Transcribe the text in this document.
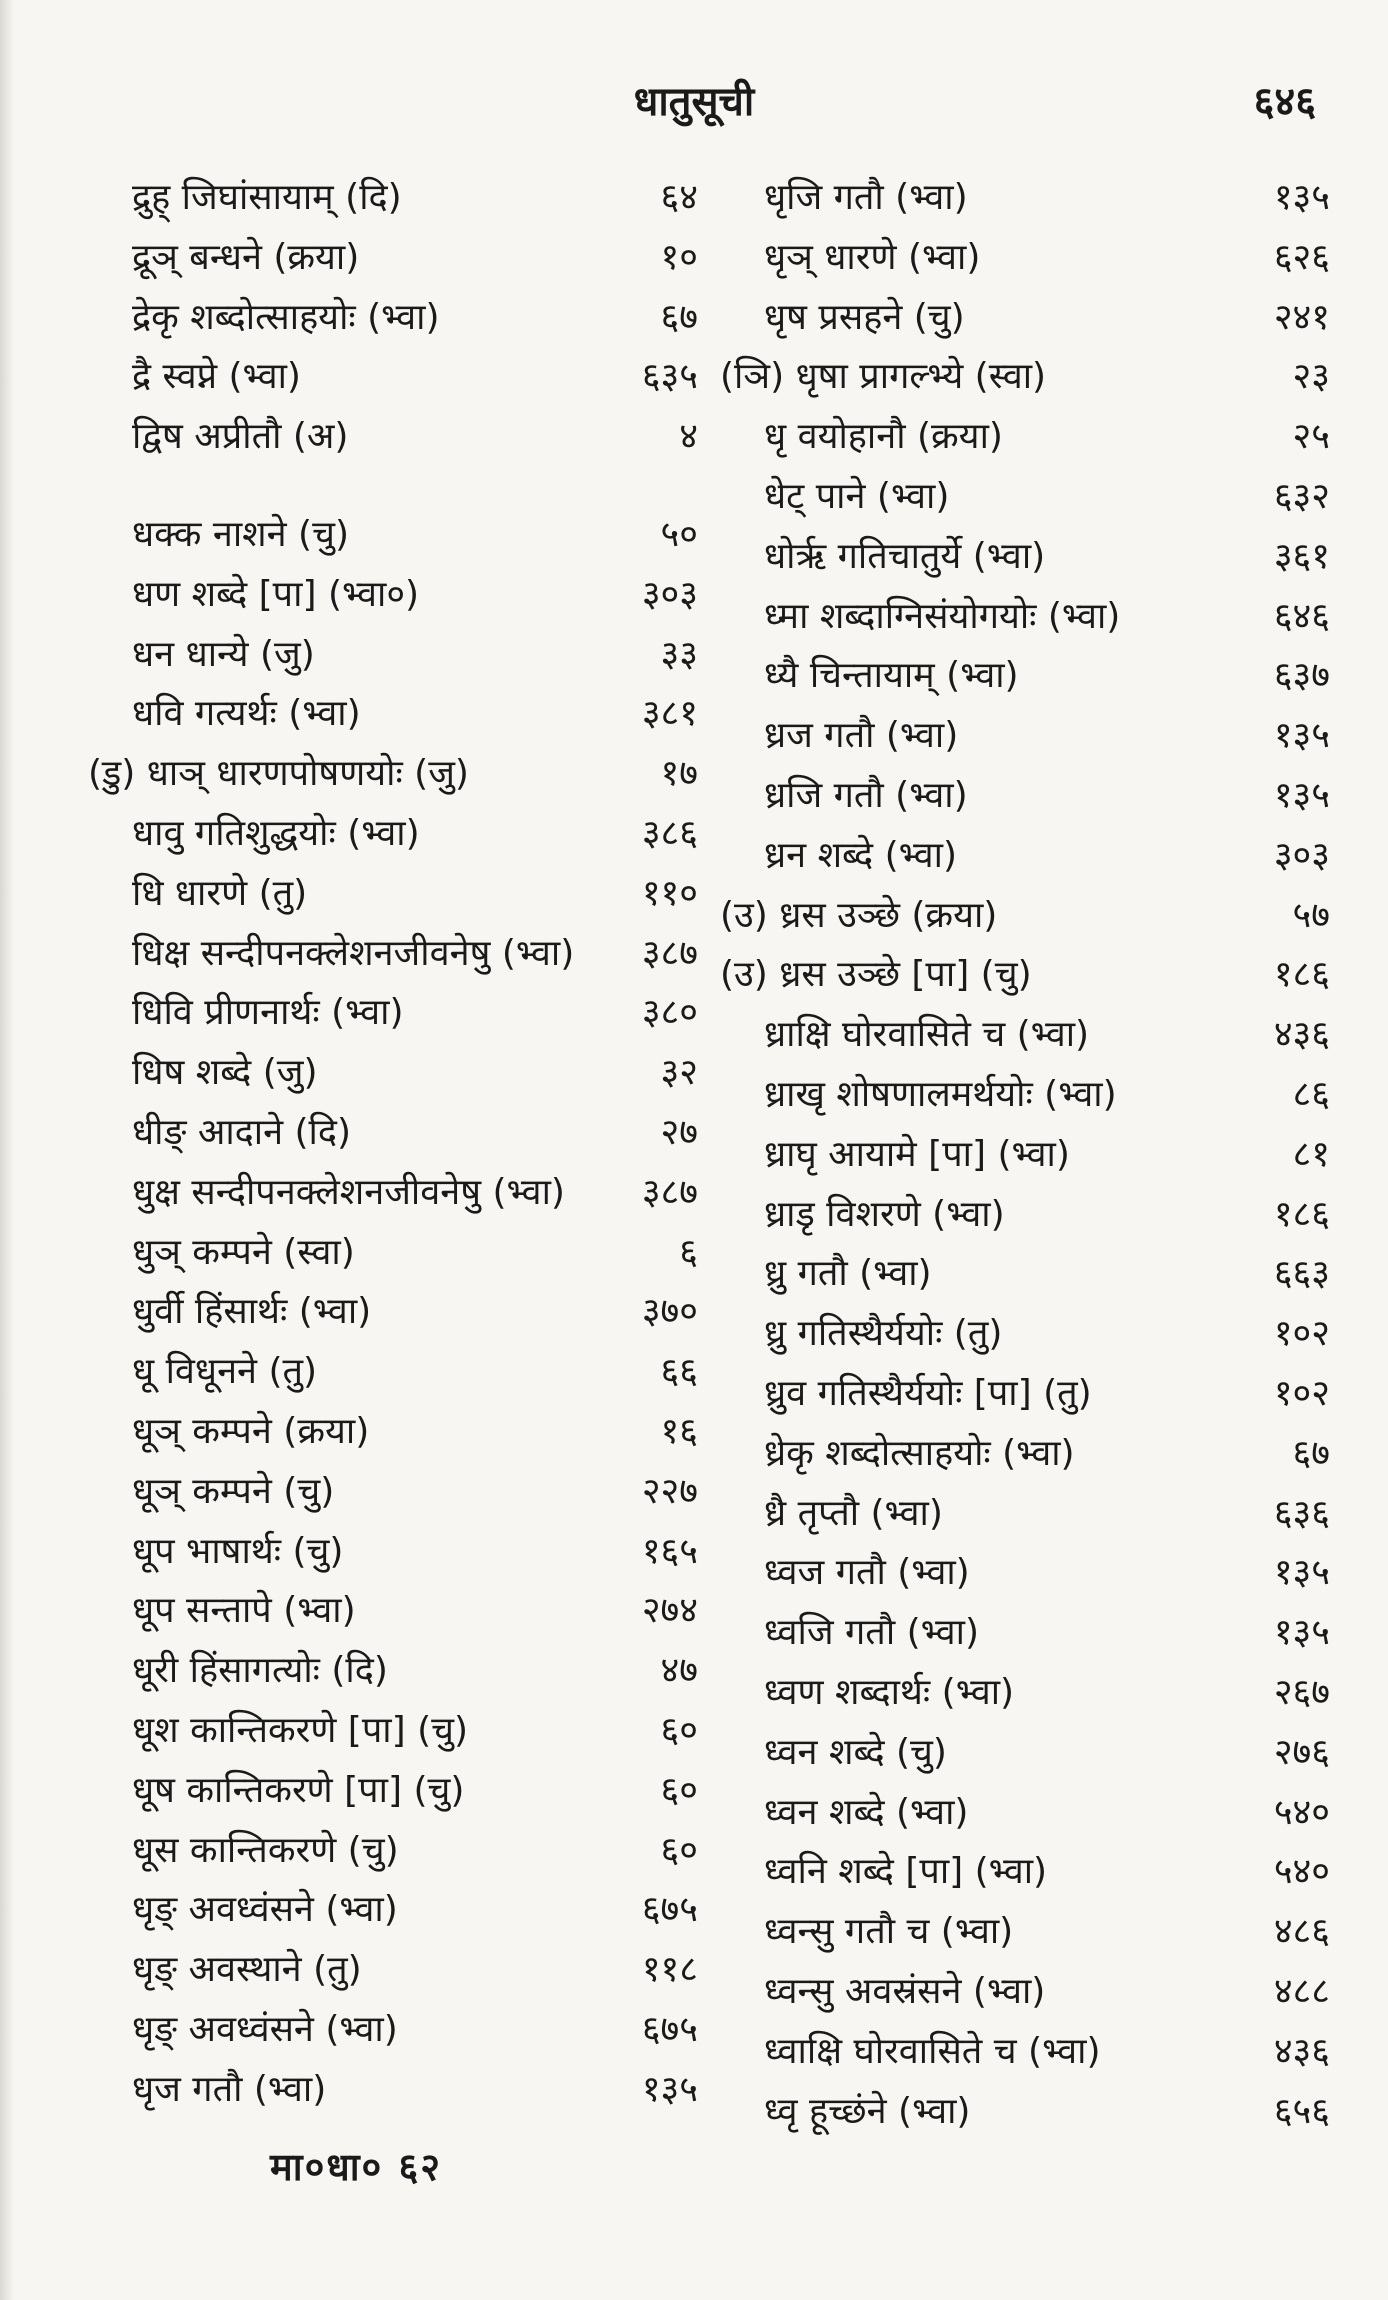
धातुसूची	६४६
द्रुह् जिघांसायाम् (दि)	६४
द्रूञ् बन्धने (क्रया)	१०
द्रेकृ शब्दोत्साहयोः (भ्वा)	६७
द्रै स्वप्ने (भ्वा)	६३५
द्विष अप्रीतौ (अ)	४
धक्क नाशने (चु)	५०
धण शब्दे [पा] (भ्वा०)	३०३
धन धान्ये (जु)	३३
धवि गत्यर्थः (भ्वा)	३८१
(डु) धाञ् धारणपोषणयोः (जु)	१७
धावु गतिशुद्धयोः (भ्वा)	३८६
धि धारणे (तु)	११०
धिक्ष सन्दीपनक्लेशनजीवनेषु (भ्वा) ३८७
धिवि प्रीणनार्थः (भ्वा)	३८०
धिष शब्दे (जु)	३२
धीङ् आदाने (दि)	२७
धुक्ष सन्दीपनक्लेशनजीवनेषु (भ्वा) ३८७
धुञ् कम्पने (स्वा)	६
धुर्वी हिंसार्थः (भ्वा)	३७०
धू विधूनने (तु)	६६
धूञ् कम्पने (क्रया)	१६
धूञ् कम्पने (चु)	२२७
धूप भाषार्थः (चु)	१६५
धूप सन्तापे (भ्वा)	२७४
धूरी हिंसागत्योः (दि)	४७
धूश कान्तिकरणे [पा] (चु)	६०
धूष कान्तिकरणे [पा] (चु)	६०
धूस कान्तिकरणे (चु)	६०
धृङ् अवध्वंसने (भ्वा)	६७५
धृङ् अवस्थाने (तु)	११८
धृङ् अवध्वंसने (भ्वा)	६७५
धृज गतौ (भ्वा)	१३५
धृजि गतौ (भ्वा)	१३५
धृञ् धारणे (भ्वा)	६२६
धृष प्रसहने (चु)	२४१
(ञि) धृषा प्रागल्भ्ये (स्वा)	२३
धृ वयोहानौ (क्रया)	२५
धेट् पाने (भ्वा)	६३२
धोर्ऋ गतिचातुर्ये (भ्वा)	३६१
ध्मा शब्दाग्निसंयोगयोः (भ्वा)	६४६
ध्यै चिन्तायाम् (भ्वा)	६३७
ध्रज गतौ (भ्वा)	१३५
ध्रजि गतौ (भ्वा)	१३५
ध्रन शब्दे (भ्वा)	३०३
(उ) ध्रस उञ्छे (क्रया)	५७
(उ) ध्रस उञ्छे [पा] (चु)	१८६
ध्राक्षि घोरवासिते च (भ्वा)	४३६
ध्राखृ शोषणालमर्थयोः (भ्वा)	८६
ध्राघृ आयामे [पा] (भ्वा)	८१
ध्राडृ विशरणे (भ्वा)	१८६
ध्रु गतौ (भ्वा)	६६३
ध्रु गतिस्थैर्ययोः (तु)	१०२
ध्रुव गतिस्थैर्ययोः [पा] (तु)	१०२
ध्रेकृ शब्दोत्साहयोः (भ्वा)	६७
ध्रै तृप्तौ (भ्वा)	६३६
ध्वज गतौ (भ्वा)	१३५
ध्वजि गतौ (भ्वा)	१३५
ध्वण शब्दार्थः (भ्वा)	२६७
ध्वन शब्दे (चु)	२७६
ध्वन शब्दे (भ्वा)	५४०
ध्वनि शब्दे [पा] (भ्वा)	५४०
ध्वन्सु गतौ च (भ्वा)	४८६
ध्वन्सु अवस्रंसने (भ्वा)	४८८
ध्वाक्षि घोरवासिते च (भ्वा)	४३६
ध्वृ हूच्छंने (भ्वा)	६५६
मा०धा० ६२
